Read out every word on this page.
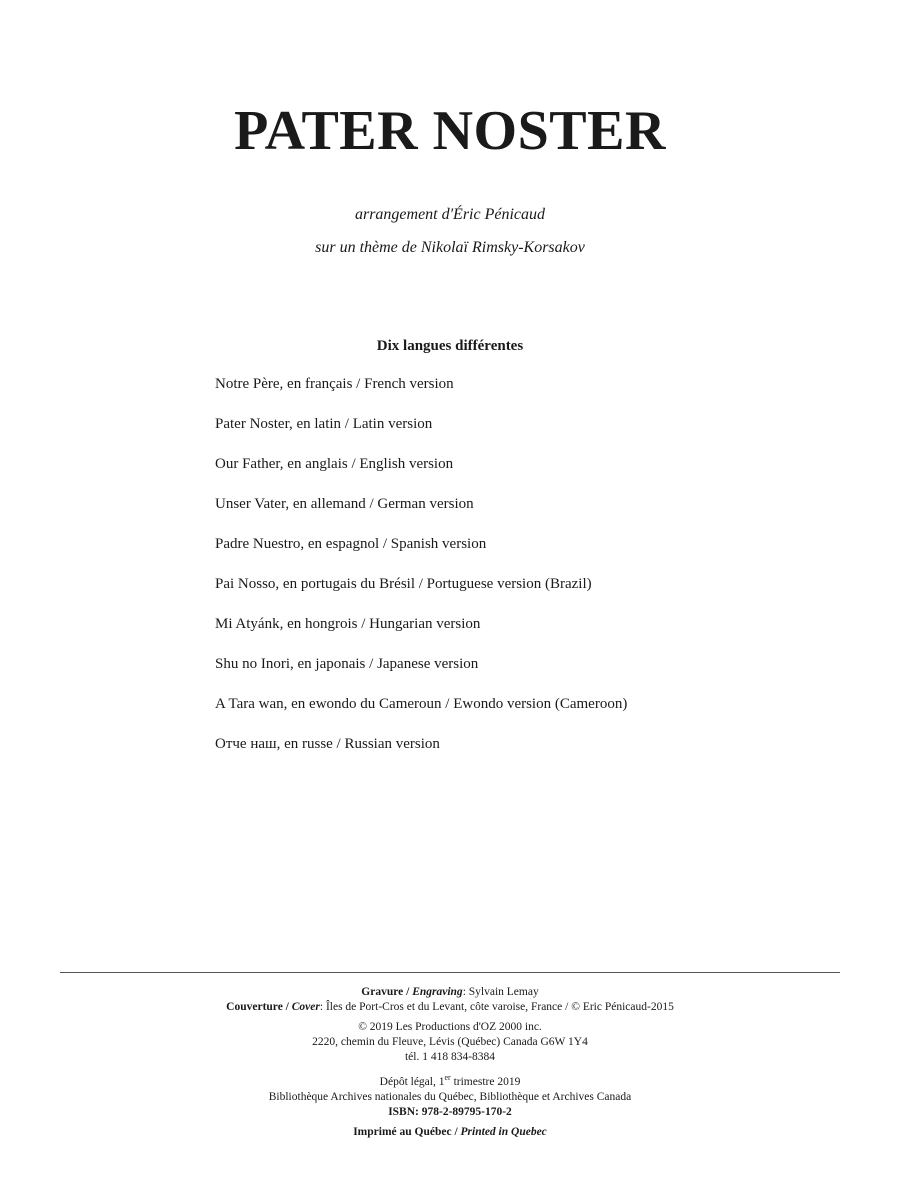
PATER NOSTER
arrangement d'Éric Pénicaud
sur un thème de Nikolaï Rimsky-Korsakov
Dix langues différentes
Notre Père, en français / French version
Pater Noster, en latin / Latin version
Our Father, en anglais / English version
Unser Vater, en allemand / German version
Padre Nuestro, en espagnol / Spanish version
Pai Nosso, en portugais du Brésil / Portuguese version (Brazil)
Mi Atyánk, en hongrois / Hungarian version
Shu no Inori, en japonais / Japanese version
A Tara wan, en ewondo du Cameroun / Ewondo version (Cameroon)
Отче наш, en russe / Russian version
Gravure / Engraving: Sylvain Lemay
Couverture / Cover: Îles de Port-Cros et du Levant, côte varoise, France / © Eric Pénicaud-2015
© 2019 Les Productions d'OZ 2000 inc.
2220, chemin du Fleuve, Lévis (Québec) Canada G6W 1Y4
tél. 1 418 834-8384
Dépôt légal, 1er trimestre 2019
Bibliothèque Archives nationales du Québec, Bibliothèque et Archives Canada
ISBN: 978-2-89795-170-2
Imprimé au Québec / Printed in Quebec
